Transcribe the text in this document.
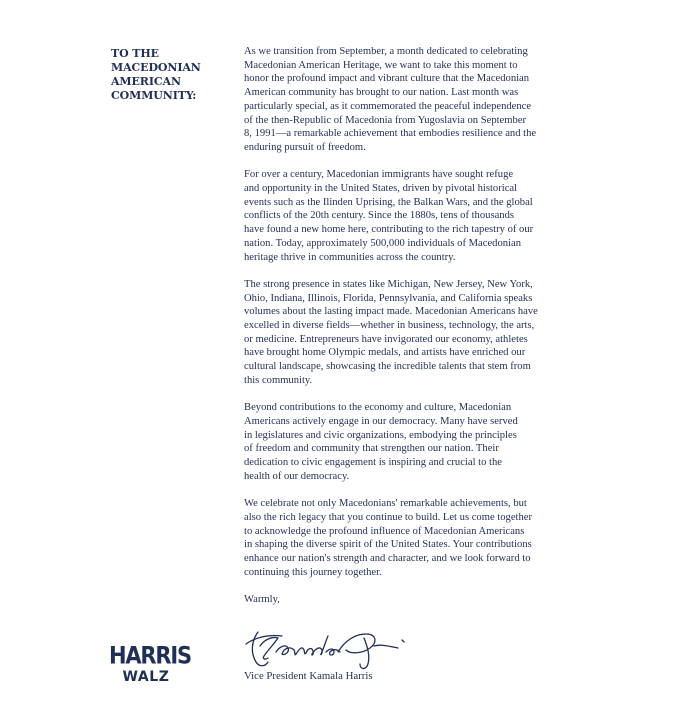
TO THE
MACEDONIAN
AMERICAN
COMMUNITY:

As we transition from September, a month dedicated to celebrating
Macedonian American Heritage, we want to take this moment to
honor the profound impact and vibrant culture that the Macedonian
American community has brought to our nation. Last month was
particularly special, as it commemorated the peaceful independence
of the then-Republic of Macedonia from Yugoslavia on September
8, 1991—a remarkable achievement that embodies resilience and the
enduring pursuit of freedom.

For over a century, Macedonian immigrants have sought refuge
and opportunity in the United States, driven by pivotal historical
events such as the Ilinden Uprising, the Balkan Wars, and the global
conflicts of the 20th century. Since the 1880s, tens of thousands
have found a new home here, contributing to the rich tapestry of our
nation. Today, approximately 500,000 individuals of Macedonian
heritage thrive in communities across the country.

The strong presence in states like Michigan, New Jersey, New York,
Ohio, Indiana, Illinois, Florida, Pennsylvania, and California speaks
volumes about the lasting impact made. Macedonian Americans have
excelled in diverse fields—whether in business, technology, the arts,
or medicine. Entrepreneurs have invigorated our economy, athletes
have brought home Olympic medals, and artists have enriched our
cultural landscape, showcasing the incredible talents that stem from
this community.

Beyond contributions to the economy and culture, Macedonian
Americans actively engage in our democracy. Many have served
in legislatures and civic organizations, embodying the principles
of freedom and community that strengthen our nation. Their
dedication to civic engagement is inspiring and crucial to the
health of our democracy.

We celebrate not only Macedonians' remarkable achievements, but
also the rich legacy that you continue to build. Let us come together
to acknowledge the profound influence of Macedonian Americans
in shaping the diverse spirit of the United States. Your contributions
enhance our nation's strength and character, and we look forward to
continuing this journey together.

Warmly,

Vice President Kamala Harris
HARRIS
WALZ
